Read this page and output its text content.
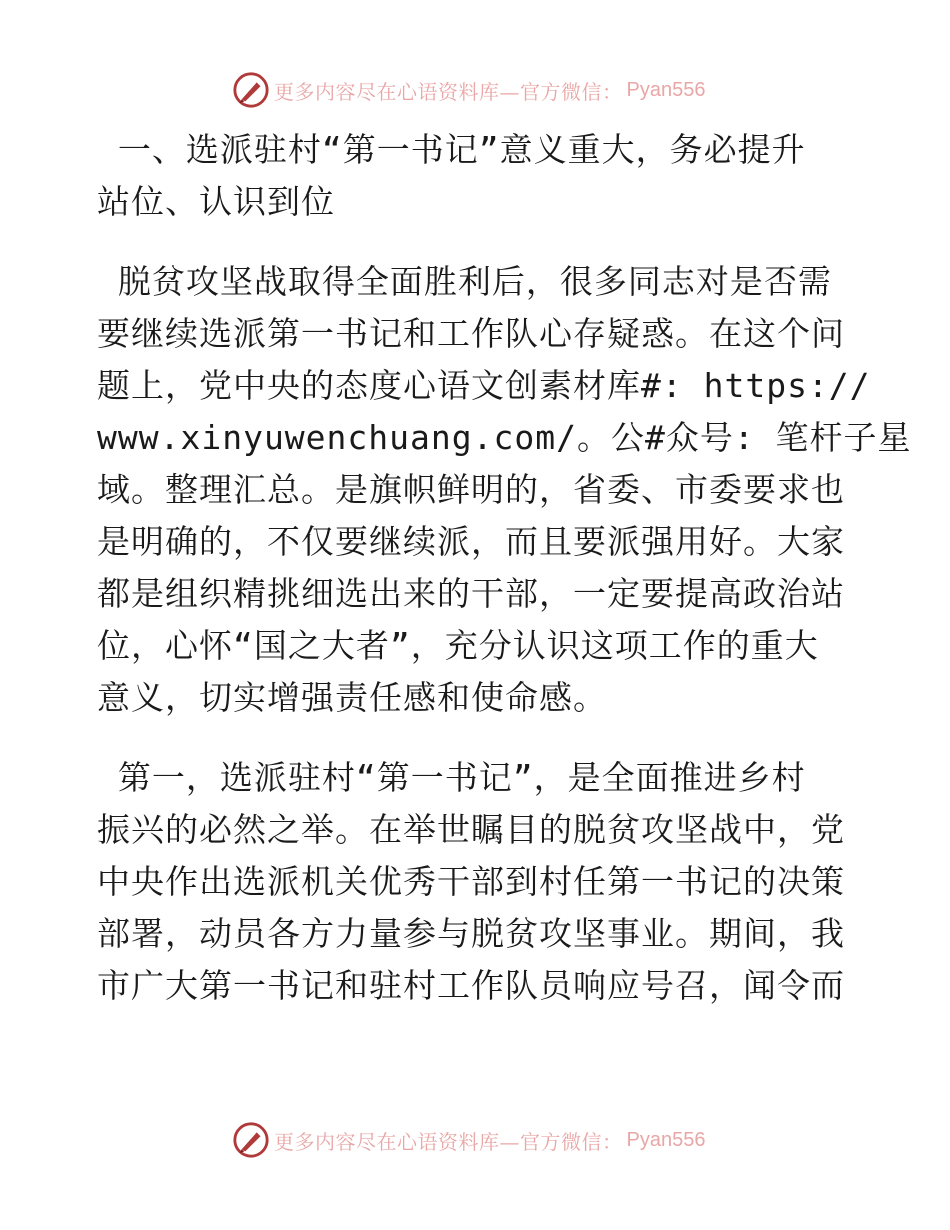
更多内容尽在心语资料库—官方微信： Pyan556
一、选派驻村“第一书记”意义重大，务必提升
站位、认识到位
脱贫攻坚战取得全面胜利后，很多同志对是否需
要继续选派第一书记和工作队心存疑惑。在这个问
题上，党中央的态度心语文创素材库#: https://
www.xinyuwenchuang.com/。公#众号: 笔杆子星
域。整理汇总。是旗帜鲜明的，省委、市委要求也
是明确的，不仅要继续派，而且要派强用好。大家
都是组织精挑细选出来的干部，一定要提高政治站
位，心怀“国之大者”，充分认识这项工作的重大
意义，切实增强责任感和使命感。
第一，选派驻村“第一书记”，是全面推进乡村
振兴的必然之举。在举世瞩目的脱贫攻坚战中，党
中央作出选派机关优秀干部到村任第一书记的决策
部署，动员各方力量参与脱贫攻坚事业。期间，我
市广大第一书记和驻村工作队员响应号召，闻令而
更多内容尽在心语资料库—官方微信： Pyan556
